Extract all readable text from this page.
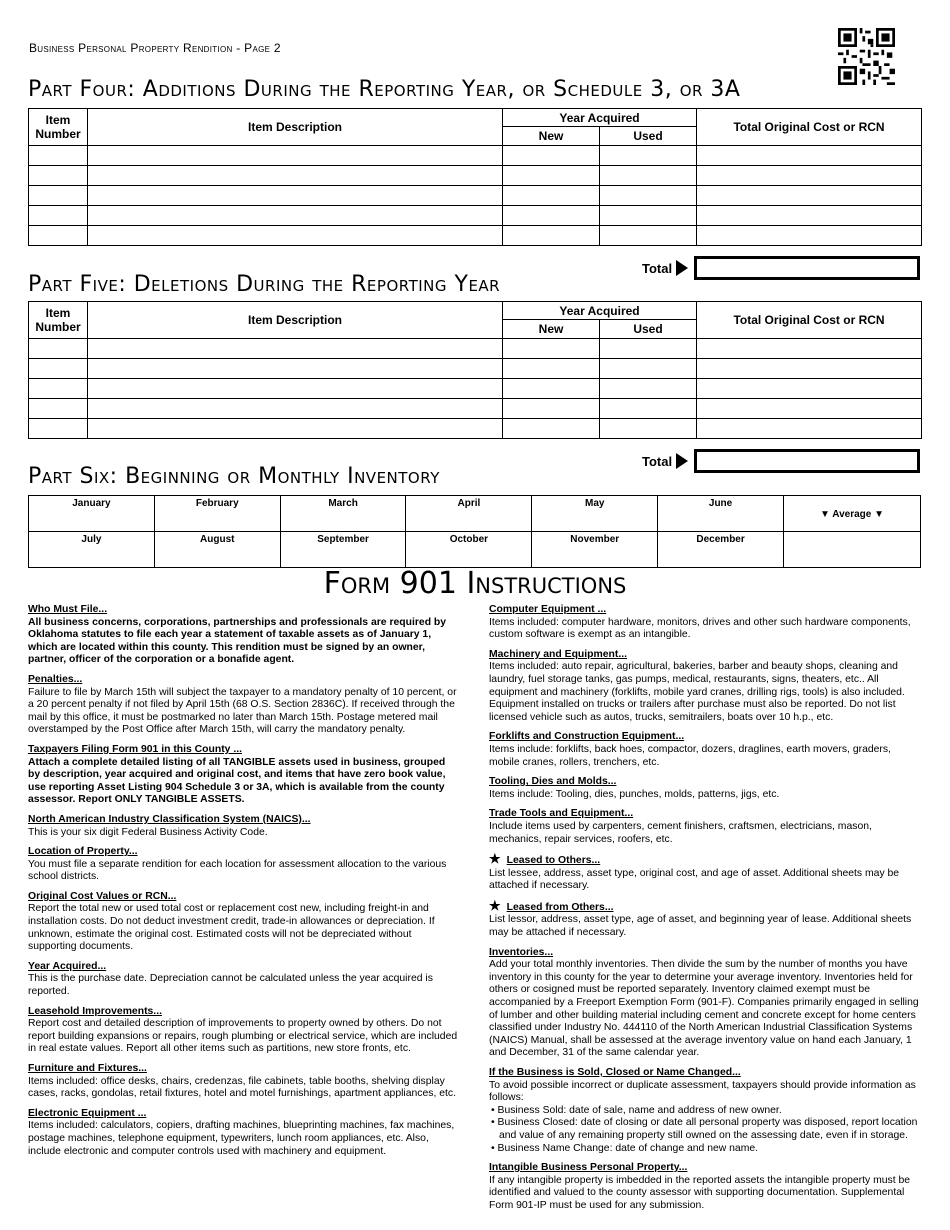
Business Personal Property Rendition - Page 2
Part Four: Additions During the Reporting Year, or Schedule 3, or 3A
Item Number	Item Description	Year Acquired		Total Original Cost or RCN
		New	Used	

Total
Part Five: Deletions During the Reporting Year
Item Number	Item Description	Year Acquired		Total Original Cost or RCN
		New	Used	

Total
Part Six: Beginning or Monthly Inventory
January	February	March	April	May	June	▼ Average ▼
July	August	September	October	November	December	
Form 901 Instructions
Who Must File...

All business concerns, corporations, partnerships and professionals are required by Oklahoma statutes to file each year a statement of taxable assets as of January 1, which are located within this county. This rendition must be signed by an owner, partner, officer of the corporation or a bonafide agent.

Penalties...

Failure to file by March 15th will subject the taxpayer to a mandatory penalty of 10 percent, or a 20 percent penalty if not filed by April 15th (68 O.S. Section 2836C). If received through the mail by this office, it must be postmarked no later than March 15th. Postage metered mail overstamped by the Post Office after March 15th, will carry the mandatory penalty.

Taxpayers Filing Form 901 in this County ...

Attach a complete detailed listing of all TANGIBLE assets used in business, grouped by description, year acquired and original cost, and items that have zero book value, use reporting Asset Listing 904 Schedule 3 or 3A, which is available from the county assessor. Report ONLY TANGIBLE ASSETS.

North American Industry Classification System (NAICS)...

This is your six digit Federal Business Activity Code.

Location of Property...

You must file a separate rendition for each location for assessment allocation to the various school districts.

Original Cost Values or RCN...

Report the total new or used total cost or replacement cost new, including freight-in and installation costs. Do not deduct investment credit, trade-in allowances or depreciation. If unknown, estimate the original cost. Estimated costs will not be depreciated without supporting documents.

Year Acquired...

This is the purchase date. Depreciation cannot be calculated unless the year acquired is reported.

Leasehold Improvements...

Report cost and detailed description of improvements to property owned by others. Do not report building expansions or repairs, rough plumbing or electrical service, which are included in real estate values. Report all other items such as partitions, new store fronts, etc.

Furniture and Fixtures...

Items included: office desks, chairs, credenzas, file cabinets, table booths, shelving display cases, racks, gondolas, retail fixtures, hotel and motel furnishings, apartment appliances, etc.

Electronic Equipment ...

Items included: calculators, copiers, drafting machines, blueprinting machines, fax machines, postage machines, telephone equipment, typewriters, lunch room appliances, etc. Also, include electronic and computer controls used with machinery and equipment.

Computer Equipment ...

Items included: computer hardware, monitors, drives and other such hardware components, custom software is exempt as an intangible.

Machinery and Equipment...

Items included: auto repair, agricultural, bakeries, barber and beauty shops, cleaning and laundry, fuel storage tanks, gas pumps, medical, restaurants, signs, theaters, etc.. All equipment and machinery (forklifts, mobile yard cranes, drilling rigs, tools) is also included. Equipment installed on trucks or trailers after purchase must also be reported. Do not list licensed vehicle such as autos, trucks, semitrailers, boats over 10 h.p., etc.

Forklifts and Construction Equipment...

Items include: forklifts, back hoes, compactor, dozers, draglines, earth movers, graders, mobile cranes, rollers, trenchers, etc.

Tooling, Dies and Molds...

Items include: Tooling, dies, punches, molds, patterns, jigs, etc.

Trade Tools and Equipment...

Include items used by carpenters, cement finishers, craftsmen, electricians, mason, mechanics, repair services, roofers, etc.

★ Leased to Others...

List lessee, address, asset type, original cost, and age of asset. Additional sheets may be attached if necessary.

★ Leased from Others...

List lessor, address, asset type, age of asset, and beginning year of lease. Additional sheets may be attached if necessary.

Inventories...

Add your total monthly inventories. Then divide the sum by the number of months you have inventory in this county for the year to determine your average inventory. Inventories held for others or cosigned must be reported separately. Inventory claimed exempt must be accompanied by a Freeport Exemption Form (901-F). Companies primarily engaged in selling of lumber and other building material including cement and concrete except for home centers classified under Industry No. 444110 of the North American Industrial Classification Systems (NAICS) Manual, shall be assessed at the average inventory value on hand each January, 1 and December, 31 of the same calendar year.

If the Business is Sold, Closed or Name Changed...

To avoid possible incorrect or duplicate assessment, taxpayers should provide information as follows:

• Business Sold: date of sale, name and address of new owner.
• Business Closed: date of closing or date all personal property was disposed, report location and value of any remaining property still owned on the assessing date, even if in storage.
• Business Name Change: date of change and new name.
Intangible Business Personal Property...

If any intangible property is imbedded in the reported assets the intangible property must be identified and valued to the county assessor with supporting documentation. Supplemental Form 901-IP must be used for any submission.
